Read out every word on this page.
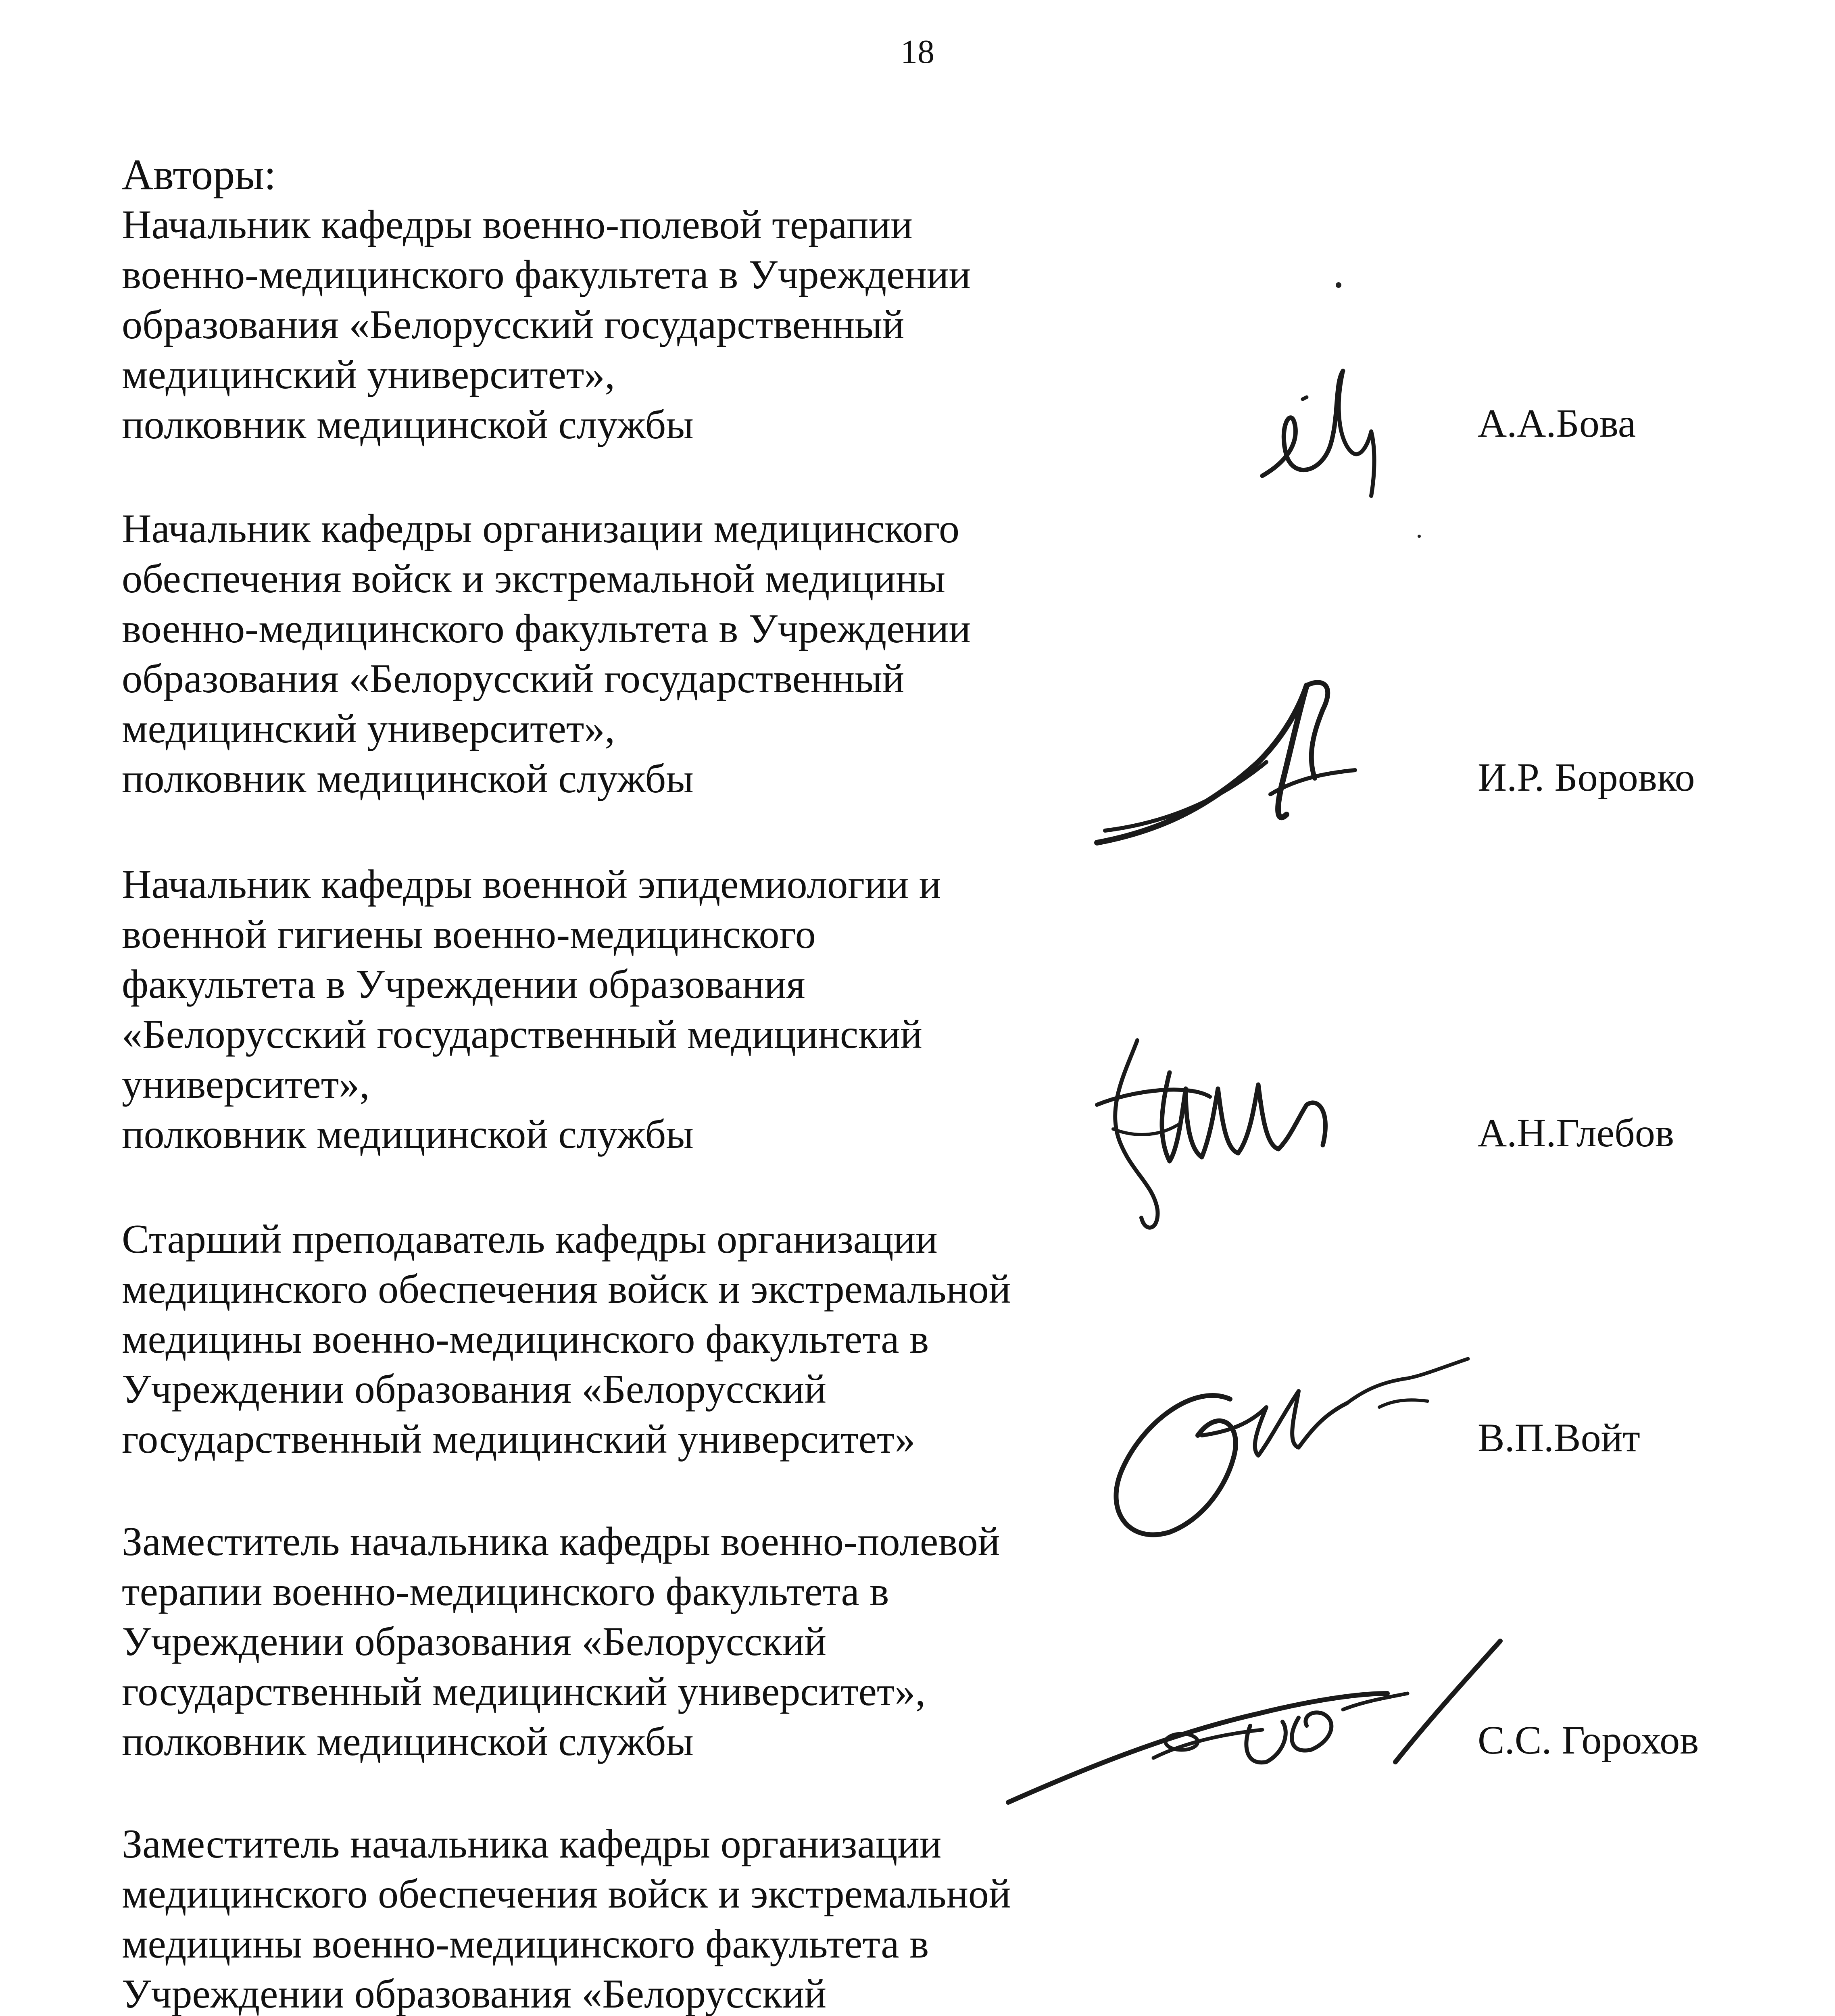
18
Авторы:
Начальник кафедры военно-полевой терапии
военно-медицинского факультета в Учреждении
образования «Белорусский государственный
медицинский университет»,
полковник медицинской службы	А.А.Бова
Начальник кафедры организации медицинского
обеспечения войск и экстремальной медицины
военно-медицинского факультета в Учреждении
образования «Белорусский государственный
медицинский университет»,
полковник медицинской службы	И.Р. Боровко
Начальник кафедры военной эпидемиологии и
военной гигиены военно-медицинского
факультета в Учреждении образования
«Белорусский государственный медицинский
университет»,
полковник медицинской службы	А.Н.Глебов
Старший преподаватель кафедры организации
медицинского обеспечения войск и экстремальной
медицины военно-медицинского факультета в
Учреждении образования «Белорусский
государственный медицинский университет»	В.П.Войт
Заместитель начальника кафедры военно-полевой
терапии военно-медицинского факультета в
Учреждении образования «Белорусский
государственный медицинский университет»,
полковник медицинской службы	С.С. Горохов
Заместитель начальника кафедры организации
медицинского обеспечения войск и экстремальной
медицины военно-медицинского факультета в
Учреждении образования «Белорусский
